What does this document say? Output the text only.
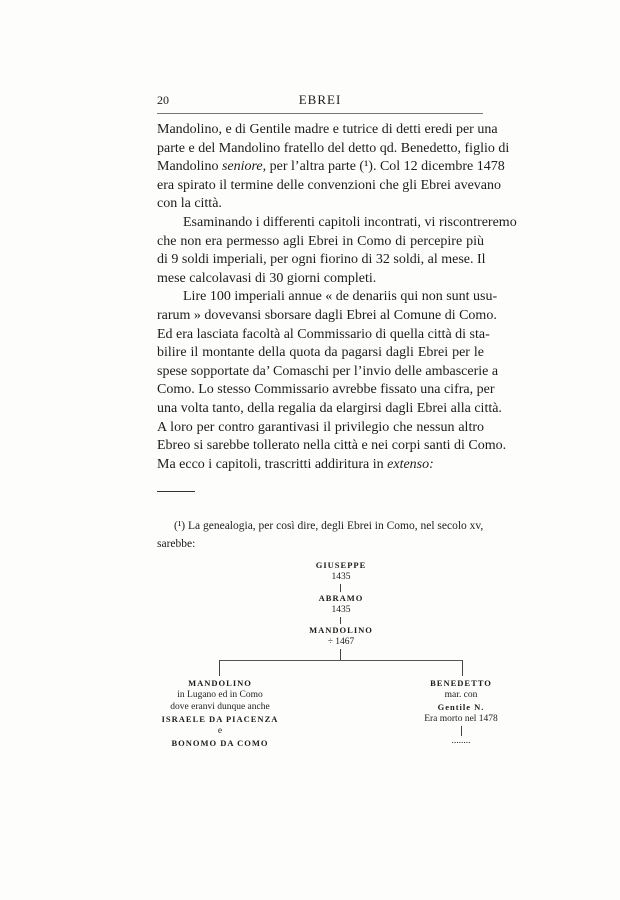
20	EBREI
Mandolino, e di Gentile madre e tutrice di detti eredi per una
parte e del Mandolino fratello del detto qd. Benedetto, figlio di
Mandolino seniore, per l’altra parte (¹). Col 12 dicembre 1478
era spirato il termine delle convenzioni che gli Ebrei avevano
con la città.
Esaminando i differenti capitoli incontrati, vi riscontreremo
che non era permesso agli Ebrei in Como di percepire più
di 9 soldi imperiali, per ogni fiorino di 32 soldi, al mese. Il
mese calcolavasi di 30 giorni completi.
Lire 100 imperiali annue « de denariis qui non sunt usu-
rarum » dovevansi sborsare dagli Ebrei al Comune di Como.
Ed era lasciata facoltà al Commissario di quella città di sta-
bilire il montante della quota da pagarsi dagli Ebrei per le
spese sopportate da’ Comaschi per l’invio delle ambascerie a
Como. Lo stesso Commissario avrebbe fissato una cifra, per
una volta tanto, della regalia da elargirsi dagli Ebrei alla città.
A loro per contro garantivasi il privilegio che nessun altro
Ebreo si sarebbe tollerato nella città e nei corpi santi di Como.
Ma ecco i capitoli, trascritti addiritura in extenso:
(¹) La genealogia, per così dire, degli Ebrei in Como, nel secolo xv,
sarebbe:
GIUSEPPE
1435
ABRAMO
1435
MANDOLINO
÷ 1467
MANDOLINO
in Lugano ed in Como
dove eranvi dunque anche
ISRAELE DA PIACENZA
e
BONOMO DA COMO
BENEDETTO
mar. con
Gentile N.
Era morto nel 1478
........
